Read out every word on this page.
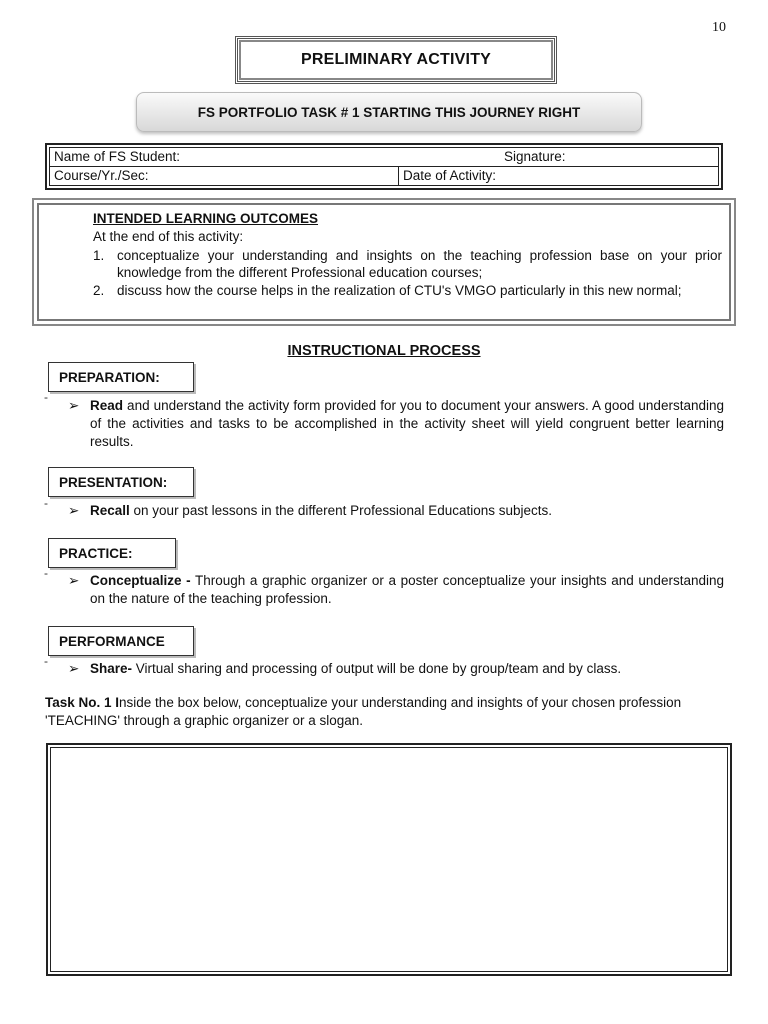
10
PRELIMINARY ACTIVITY
FS PORTFOLIO TASK # 1 STARTING THIS JOURNEY RIGHT
Name of FS Student:	Signature:

Course/Yr./Sec:	Date of Activity:
INTENDED LEARNING OUTCOMES
At the end of this activity:
1. conceptualize your understanding and insights on the teaching profession base on your prior knowledge from the different Professional education courses;
2. discuss how the course helps in the realization of CTU's VMGO particularly in this new normal;
INSTRUCTIONAL PROCESS
PREPARATION:
-
➢ Read and understand the activity form provided for you to document your answers. A good understanding of the activities and tasks to be accomplished in the activity sheet will yield congruent better learning results.
PRESENTATION:
- ➢ Recall on your past lessons in the different Professional Educations subjects.
PRACTICE:
- ➢ Conceptualize - Through a graphic organizer or a poster conceptualize your insights and understanding on the nature of the teaching profession.
PERFORMANCE
- ➢ Share- Virtual sharing and processing of output will be done by group/team and by class.
Task No. 1 Inside the box below, conceptualize your understanding and insights of your chosen profession 'TEACHING' through a graphic organizer or a slogan.
